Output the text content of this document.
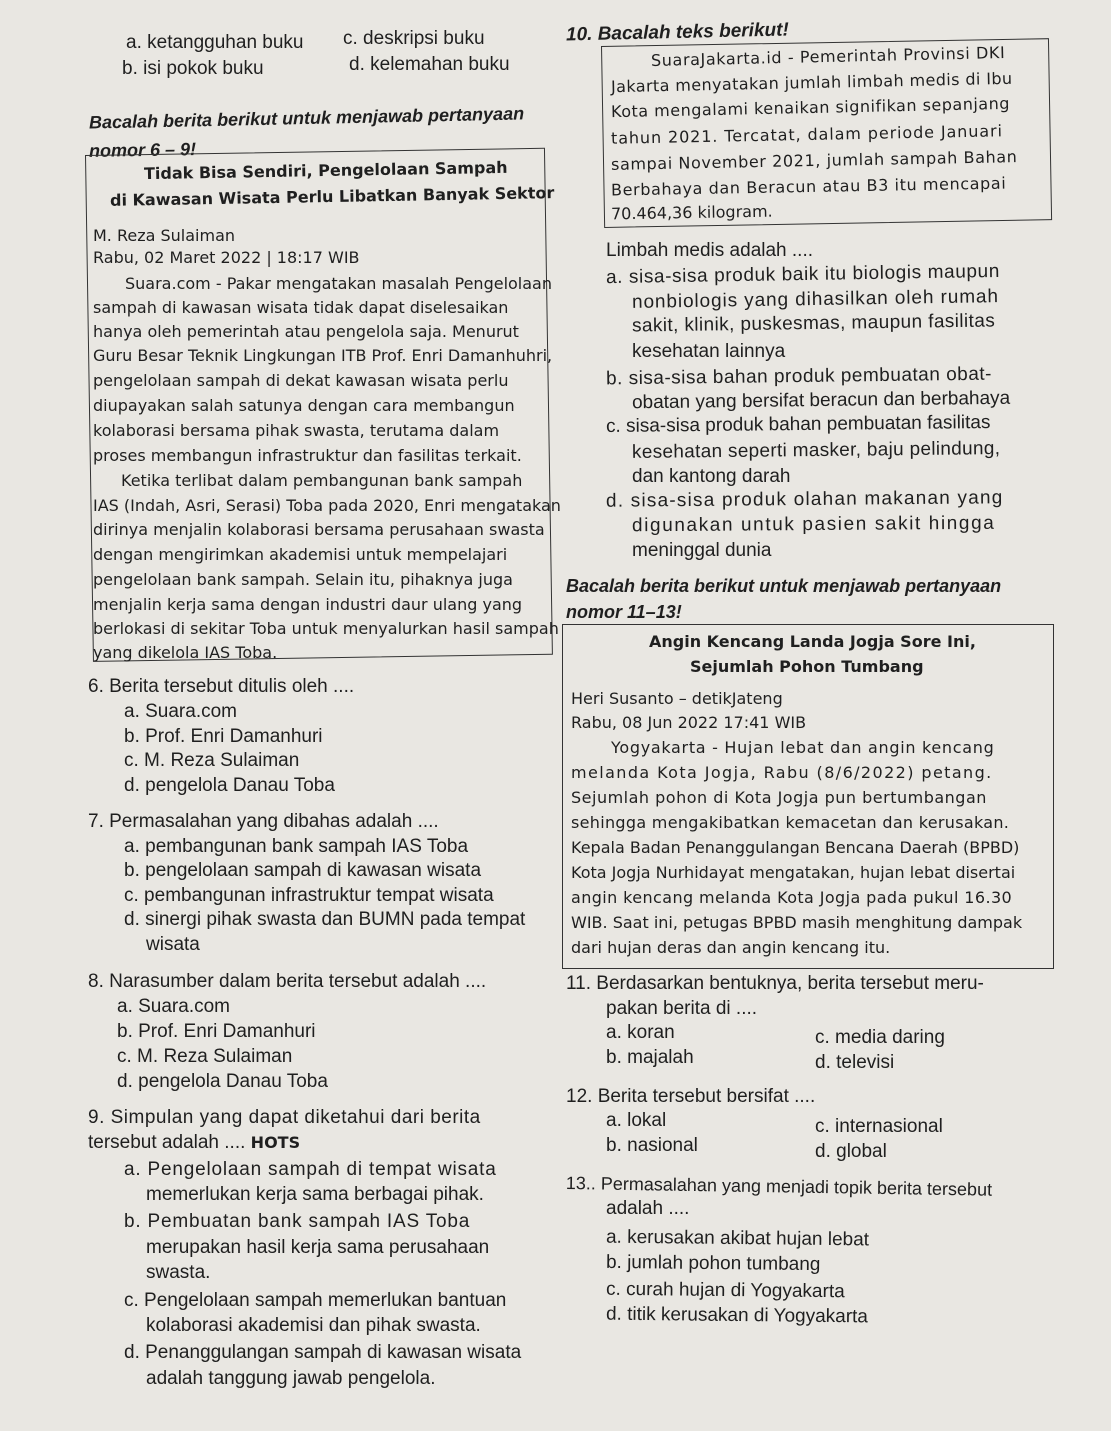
a. ketangguhan buku c. deskripsi buku
b. isi pokok buku	d. kelemahan buku
Bacalah berita berikut untuk menjawab pertanyaan
nomor 6 – 9!
Tidak Bisa Sendiri, Pengelolaan Sampah
di Kawasan Wisata Perlu Libatkan Banyak Sektor
M. Reza Sulaiman
Rabu, 02 Maret 2022 | 18:17 WIB
Suara.com - Pakar mengatakan masalah Pengelolaan
sampah di kawasan wisata tidak dapat diselesaikan
hanya oleh pemerintah atau pengelola saja. Menurut
Guru Besar Teknik Lingkungan ITB Prof. Enri Damanhuhri,
pengelolaan sampah di dekat kawasan wisata perlu
diupayakan salah satunya dengan cara membangun
kolaborasi bersama pihak swasta, terutama dalam
proses membangun infrastruktur dan fasilitas terkait.
Ketika terlibat dalam pembangunan bank sampah
IAS (Indah, Asri, Serasi) Toba pada 2020, Enri mengatakan
dirinya menjalin kolaborasi bersama perusahaan swasta
dengan mengirimkan akademisi untuk mempelajari
pengelolaan bank sampah. Selain itu, pihaknya juga
menjalin kerja sama dengan industri daur ulang yang
berlokasi di sekitar Toba untuk menyalurkan hasil sampah
yang dikelola IAS Toba.
6. Berita tersebut ditulis oleh ....
a. Suara.com
b. Prof. Enri Damanhuri
c. M. Reza Sulaiman
d. pengelola Danau Toba
7. Permasalahan yang dibahas adalah ....
a. pembangunan bank sampah IAS Toba
b. pengelolaan sampah di kawasan wisata
c. pembangunan infrastruktur tempat wisata
d. sinergi pihak swasta dan BUMN pada tempat
wisata
8. Narasumber dalam berita tersebut adalah ....
a. Suara.com
b. Prof. Enri Damanhuri
c. M. Reza Sulaiman
d. pengelola Danau Toba
9. Simpulan yang dapat diketahui dari berita
tersebut adalah .... HOTS
a. Pengelolaan sampah di tempat wisata
memerlukan kerja sama berbagai pihak.
b. Pembuatan bank sampah IAS Toba
merupakan hasil kerja sama perusahaan
swasta.
c. Pengelolaan sampah memerlukan bantuan
kolaborasi akademisi dan pihak swasta.
d. Penanggulangan sampah di kawasan wisata
adalah tanggung jawab pengelola.
10. Bacalah teks berikut!
SuaraJakarta.id - Pemerintah Provinsi DKI
Jakarta menyatakan jumlah limbah medis di Ibu
Kota mengalami kenaikan signifikan sepanjang
tahun 2021. Tercatat, dalam periode Januari
sampai November 2021, jumlah sampah Bahan
Berbahaya dan Beracun atau B3 itu mencapai
70.464,36 kilogram.
Limbah medis adalah ....
a. sisa-sisa produk baik itu biologis maupun
nonbiologis yang dihasilkan oleh rumah
sakit, klinik, puskesmas, maupun fasilitas
kesehatan lainnya
b. sisa-sisa bahan produk pembuatan obat-
obatan yang bersifat beracun dan berbahaya
c. sisa-sisa produk bahan pembuatan fasilitas
kesehatan seperti masker, baju pelindung,
dan kantong darah
d. sisa-sisa produk olahan makanan yang
digunakan untuk pasien sakit hingga
meninggal dunia
Bacalah berita berikut untuk menjawab pertanyaan
nomor 11–13!
Angin Kencang Landa Jogja Sore Ini,
Sejumlah Pohon Tumbang
Heri Susanto – detikJateng
Rabu, 08 Jun 2022 17:41 WIB
Yogyakarta - Hujan lebat dan angin kencang
melanda Kota Jogja, Rabu (8/6/2022) petang.
Sejumlah pohon di Kota Jogja pun bertumbangan
sehingga mengakibatkan kemacetan dan kerusakan.
Kepala Badan Penanggulangan Bencana Daerah (BPBD)
Kota Jogja Nurhidayat mengatakan, hujan lebat disertai
angin kencang melanda Kota Jogja pada pukul 16.30
WIB. Saat ini, petugas BPBD masih menghitung dampak
dari hujan deras dan angin kencang itu.
11. Berdasarkan bentuknya, berita tersebut meru-
pakan berita di ....
a. koran	c. media daring
b. majalah	d. televisi
12. Berita tersebut bersifat ....
a. lokal	c. internasional
b. nasional	d. global
13.. Permasalahan yang menjadi topik berita tersebut
adalah ....
a. kerusakan akibat hujan lebat
b. jumlah pohon tumbang
c. curah hujan di Yogyakarta
d. titik kerusakan di Yogyakarta
